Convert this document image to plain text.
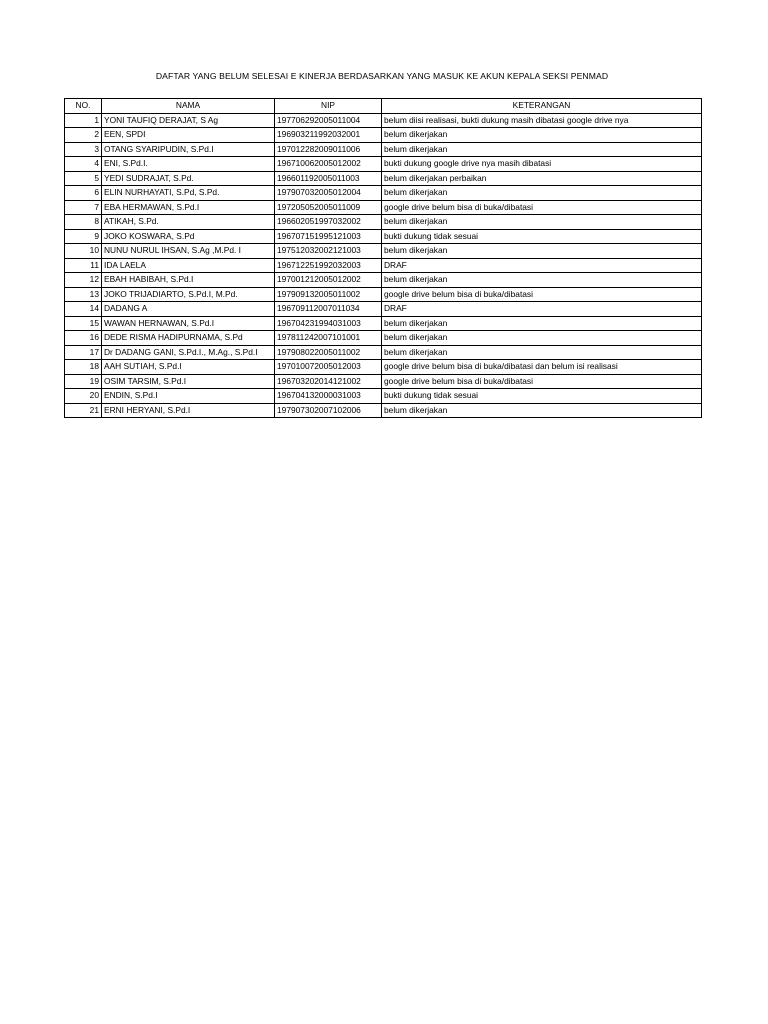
DAFTAR YANG BELUM SELESAI E KINERJA BERDASARKAN YANG MASUK KE AKUN KEPALA SEKSI PENMAD
NO.	NAMA	NIP	KETERANGAN
1	YONI TAUFIQ DERAJAT, S Ag	197706292005011004	belum diisi realisasi, bukti dukung masih dibatasi google drive nya
2	EEN, SPDI	196903211992032001	belum dikerjakan
3	OTANG SYARIPUDIN, S.Pd.I	197012282009011006	belum dikerjakan
4	ENI, S.Pd.I.	196710062005012002	bukti dukung google drive nya masih dibatasi
5	YEDI SUDRAJAT, S.Pd.	196601192005011003	belum dikerjakan perbaikan
6	ELIN NURHAYATI, S.Pd, S.Pd.	197907032005012004	belum dikerjakan
7	EBA HERMAWAN, S.Pd.I	197205052005011009	google drive belum bisa di buka/dibatasi
8	ATIKAH, S.Pd.	196602051997032002	belum dikerjakan
9	JOKO KOSWARA, S.Pd	196707151995121003	bukti dukung tidak sesuai
10	NUNU NURUL IHSAN, S.Ag ,M.Pd. I	197512032002121003	belum dikerjakan
11	IDA LAELA	196712251992032003	DRAF
12	EBAH HABIBAH, S.Pd.I	197001212005012002	belum dikerjakan
13	JOKO TRIJADIARTO, S.Pd.I, M.Pd.	197909132005011002	google drive belum bisa di buka/dibatasi
14	DADANG A	196709112007011034	DRAF
15	WAWAN HERNAWAN, S.Pd.I	196704231994031003	belum dikerjakan
16	DEDE RISMA HADIPURNAMA, S.Pd	197811242007101001	belum dikerjakan
17	Dr DADANG GANI, S.Pd.I., M.Ag., S.Pd.I	197908022005011002	belum dikerjakan
18	AAH SUTIAH, S.Pd.I	197010072005012003	google drive belum bisa di buka/dibatasi dan belum isi realisasi
19	OSIM TARSIM, S.Pd.I	196703202014121002	google drive belum bisa di buka/dibatasi
20	ENDIN, S.Pd.I	196704132000031003	bukti dukung tidak sesuai
21	ERNI HERYANI, S.Pd.I	197907302007102006	belum dikerjakan
